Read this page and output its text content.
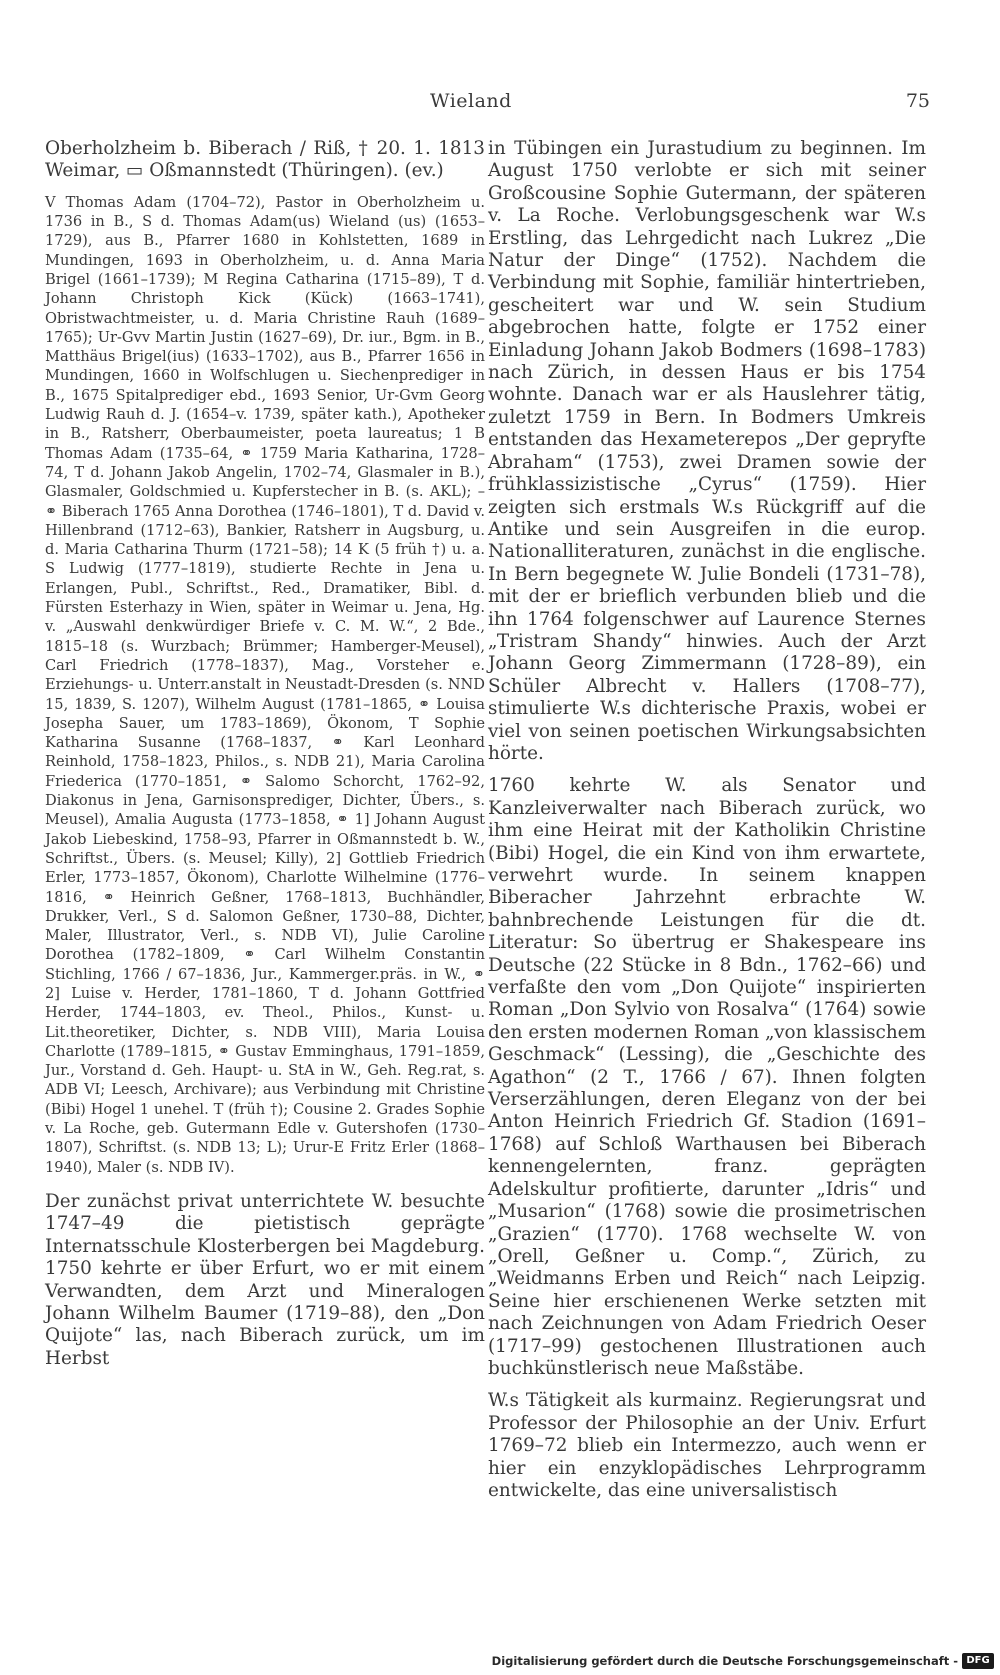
Wieland	75

Oberholzheim b. Biberach / Riß, † 20. 1. 1813 Weimar, ▭ Oßmannstedt (Thüringen). (ev.)

V Thomas Adam (1704–72), Pastor in Oberholzheim u. 1736 in B., S d. Thomas Adam(us) Wieland (us) (1653–1729), aus B., Pfarrer 1680 in Kohlstetten, 1689 in Mundingen, 1693 in Oberholzheim, u. d. Anna Maria Brigel (1661–1739); M Regina Catharina (1715–89), T d. Johann Christoph Kick (Kück) (1663–1741), Obristwachtmeister, u. d. Maria Christine Rauh (1689–1765); Ur-Gvv Martin Justin (1627–69), Dr. iur., Bgm. in B., Matthäus Brigel(ius) (1633–1702), aus B., Pfarrer 1656 in Mundingen, 1660 in Wolfschlugen u. Siechenprediger in B., 1675 Spitalprediger ebd., 1693 Senior, Ur-Gvm Georg Ludwig Rauh d. J. (1654–v. 1739, später kath.), Apotheker in B., Ratsherr, Oberbaumeister, poeta laureatus; 1 B Thomas Adam (1735–64, ⚭ 1759 Maria Katharina, 1728–74, T d. Johann Jakob Angelin, 1702–74, Glasmaler in B.), Glasmaler, Goldschmied u. Kupferstecher in B. (s. AKL); – ⚭ Biberach 1765 Anna Dorothea (1746–1801), T d. David v. Hillenbrand (1712–63), Bankier, Ratsherr in Augsburg, u. d. Maria Catharina Thurm (1721–58); 14 K (5 früh †) u. a. S Ludwig (1777–1819), studierte Rechte in Jena u. Erlangen, Publ., Schriftst., Red., Dramatiker, Bibl. d. Fürsten Esterhazy in Wien, später in Weimar u. Jena, Hg. v. „Auswahl denkwürdiger Briefe v. C. M. W.“, 2 Bde., 1815–18 (s. Wurzbach; Brümmer; Hamberger-Meusel), Carl Friedrich (1778–1837), Mag., Vorsteher e. Erziehungs- u. Unterr.anstalt in Neustadt-Dresden (s. NND 15, 1839, S. 1207), Wilhelm August (1781–1865, ⚭ Louisa Josepha Sauer, um 1783–1869), Ökonom, T Sophie Katharina Susanne (1768–1837, ⚭ Karl Leonhard Reinhold, 1758–1823, Philos., s. NDB 21), Maria Carolina Friederica (1770–1851, ⚭ Salomo Schorcht, 1762–92, Diakonus in Jena, Garnisonsprediger, Dichter, Übers., s. Meusel), Amalia Augusta (1773–1858, ⚭ 1] Johann August Jakob Liebeskind, 1758–93, Pfarrer in Oßmannstedt b. W., Schriftst., Übers. (s. Meusel; Killy), 2] Gottlieb Friedrich Erler, 1773–1857, Ökonom), Charlotte Wilhelmine (1776–1816, ⚭ Heinrich Geßner, 1768–1813, Buchhändler, Drukker, Verl., S d. Salomon Geßner, 1730–88, Dichter, Maler, Illustrator, Verl., s. NDB VI), Julie Caroline Dorothea (1782–1809, ⚭ Carl Wilhelm Constantin Stichling, 1766 / 67–1836, Jur., Kammerger.präs. in W., ⚭ 2] Luise v. Herder, 1781–1860, T d. Johann Gottfried Herder, 1744–1803, ev. Theol., Philos., Kunst- u. Lit.theoretiker, Dichter, s. NDB VIII), Maria Louisa Charlotte (1789–1815, ⚭ Gustav Emminghaus, 1791–1859, Jur., Vorstand d. Geh. Haupt- u. StA in W., Geh. Reg.rat, s. ADB VI; Leesch, Archivare); aus Verbindung mit Christine (Bibi) Hogel 1 unehel. T (früh †); Cousine 2. Grades Sophie v. La Roche, geb. Gutermann Edle v. Gutershofen (1730–1807), Schriftst. (s. NDB 13; L); Urur-E Fritz Erler (1868–1940), Maler (s. NDB IV).

Der zunächst privat unterrichtete W. besuchte 1747–49 die pietistisch geprägte Internatsschule Klosterbergen bei Magdeburg. 1750 kehrte er über Erfurt, wo er mit einem Verwandten, dem Arzt und Mineralogen Johann Wilhelm Baumer (1719–88), den „Don Quijote“ las, nach Biberach zurück, um im Herbst

in Tübingen ein Jurastudium zu beginnen. Im August 1750 verlobte er sich mit seiner Großcousine Sophie Gutermann, der späteren v. La Roche. Verlobungsgeschenk war W.s Erstling, das Lehrgedicht nach Lukrez „Die Natur der Dinge“ (1752). Nachdem die Verbindung mit Sophie, familiär hintertrieben, gescheitert war und W. sein Studium abgebrochen hatte, folgte er 1752 einer Einladung Johann Jakob Bodmers (1698–1783) nach Zürich, in dessen Haus er bis 1754 wohnte. Danach war er als Hauslehrer tätig, zuletzt 1759 in Bern. In Bodmers Umkreis entstanden das Hexameterepos „Der gepryfte Abraham“ (1753), zwei Dramen sowie der frühklassizistische „Cyrus“ (1759). Hier zeigten sich erstmals W.s Rückgriff auf die Antike und sein Ausgreifen in die europ. Nationalliteraturen, zunächst in die englische. In Bern begegnete W. Julie Bondeli (1731–78), mit der er brieflich verbunden blieb und die ihn 1764 folgenschwer auf Laurence Sternes „Tristram Shandy“ hinwies. Auch der Arzt Johann Georg Zimmermann (1728–89), ein Schüler Albrecht v. Hallers (1708–77), stimulierte W.s dichterische Praxis, wobei er viel von seinen poetischen Wirkungsabsichten hörte.

1760 kehrte W. als Senator und Kanzleiverwalter nach Biberach zurück, wo ihm eine Heirat mit der Katholikin Christine (Bibi) Hogel, die ein Kind von ihm erwartete, verwehrt wurde. In seinem knappen Biberacher Jahrzehnt erbrachte W. bahnbrechende Leistungen für die dt. Literatur: So übertrug er Shakespeare ins Deutsche (22 Stücke in 8 Bdn., 1762–66) und verfaßte den vom „Don Quijote“ inspirierten Roman „Don Sylvio von Rosalva“ (1764) sowie den ersten modernen Roman „von klassischem Geschmack“ (Lessing), die „Geschichte des Agathon“ (2 T., 1766 / 67). Ihnen folgten Verserzählungen, deren Eleganz von der bei Anton Heinrich Friedrich Gf. Stadion (1691–1768) auf Schloß Warthausen bei Biberach kennengelernten, franz. geprägten Adelskultur profitierte, darunter „Idris“ und „Musarion“ (1768) sowie die prosimetrischen „Grazien“ (1770). 1768 wechselte W. von „Orell, Geßner u. Comp.“, Zürich, zu „Weidmanns Erben und Reich“ nach Leipzig. Seine hier erschienenen Werke setzten mit nach Zeichnungen von Adam Friedrich Oeser (1717–99) gestochenen Illustrationen auch buchkünstlerisch neue Maßstäbe.

W.s Tätigkeit als kurmainz. Regierungsrat und Professor der Philosophie an der Univ. Erfurt 1769–72 blieb ein Intermezzo, auch wenn er hier ein enzyklopädisches Lehrprogramm entwickelte, das eine universalistisch

Digitalisierung gefördert durch die Deutsche Forschungsgemeinschaft - DFG
